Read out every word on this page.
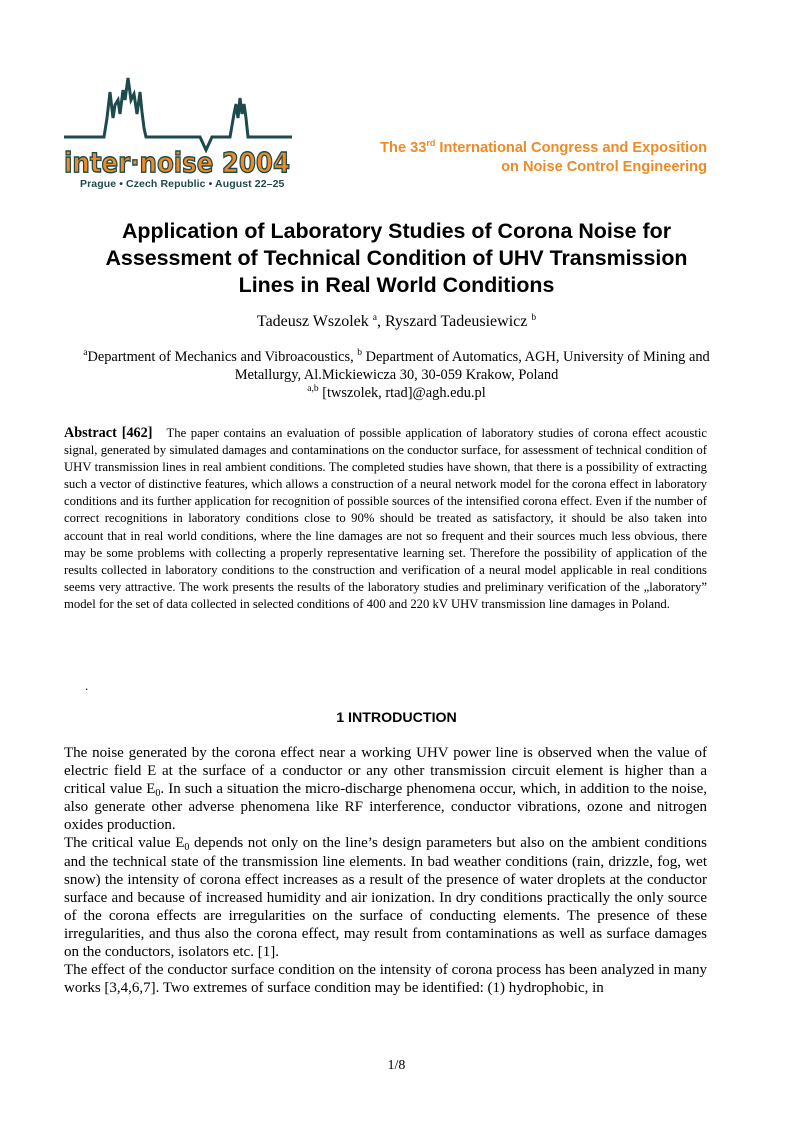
inter·noise 2004
Prague • Czech Republic • August 22–25
The 33rd International Congress and Exposition
on Noise Control Engineering
Application of Laboratory Studies of Corona Noise for
Assessment of Technical Condition of UHV Transmission
Lines in Real World Conditions
Tadeusz Wszolek $^a$, Ryszard Tadeusiewicz $^b$
$^a$Department of Mechanics and Vibroacoustics, $^b$ Department of Automatics, AGH, University of Mining and Metallurgy, Al.Mickiewicza 30, 30-059 Krakow, Poland
$^{a,b}$ [twszolek, rtad]@agh.edu.pl
Abstract [462] The paper contains an evaluation of possible application of laboratory studies of corona effect acoustic signal, generated by simulated damages and contaminations on the conductor surface, for assessment of technical condition of UHV transmission lines in real ambient conditions. The completed studies have shown, that there is a possibility of extracting such a vector of distinctive features, which allows a construction of a neural network model for the corona effect in laboratory conditions and its further application for recognition of possible sources of the intensified corona effect. Even if the number of correct recognitions in laboratory conditions close to 90% should be treated as satisfactory, it should be also taken into account that in real world conditions, where the line damages are not so frequent and their sources much less obvious, there may be some problems with collecting a properly representative learning set. Therefore the possibility of application of the results collected in laboratory conditions to the construction and verification of a neural model applicable in real conditions seems very attractive. The work presents the results of the laboratory studies and preliminary verification of the „laboratory” model for the set of data collected in selected conditions of 400 and 220 kV UHV transmission line damages in Poland.
.
1 INTRODUCTION

The noise generated by the corona effect near a working UHV power line is observed when the value of electric field E at the surface of a conductor or any other transmission circuit element is higher than a critical value $E_0$. In such a situation the micro-discharge phenomena occur, which, in addition to the noise, also generate other adverse phenomena like RF interference, conductor vibrations, ozone and nitrogen oxides production.

The critical value $E_0$ depends not only on the line’s design parameters but also on the ambient conditions and the technical state of the transmission line elements. In bad weather conditions (rain, drizzle, fog, wet snow) the intensity of corona effect increases as a result of the presence of water droplets at the conductor surface and because of increased humidity and air ionization. In dry conditions practically the only source of the corona effects are irregularities on the surface of conducting elements. The presence of these irregularities, and thus also the corona effect, may result from contaminations as well as surface damages on the conductors, isolators etc. [1].

The effect of the conductor surface condition on the intensity of corona process has been analyzed in many works [3,4,6,7]. Two extremes of surface condition may be identified: (1) hydrophobic, in

1/8
